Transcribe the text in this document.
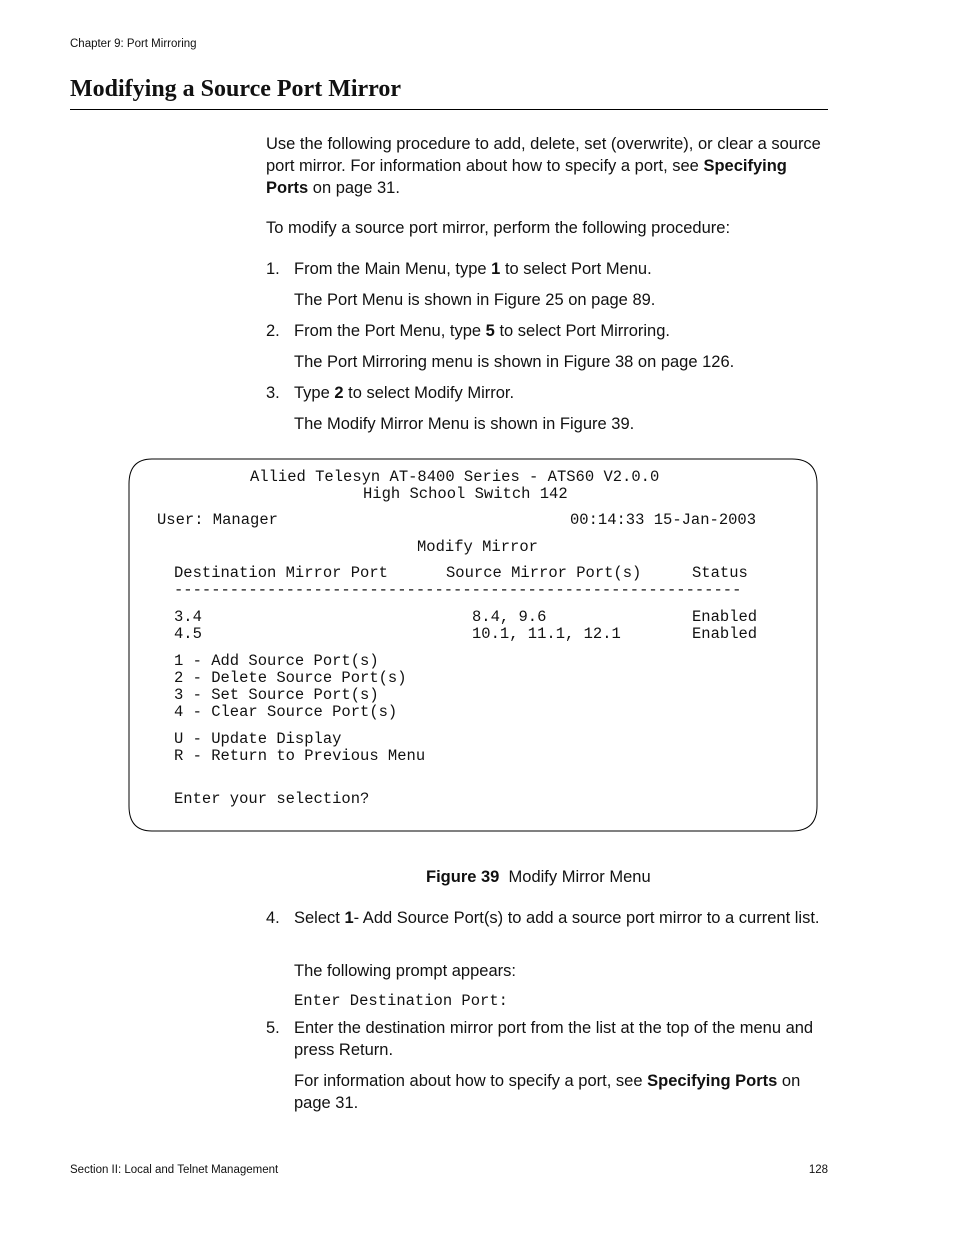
Chapter 9: Port Mirroring
Modifying a Source Port Mirror
Use the following procedure to add, delete, set (overwrite), or clear a source port mirror. For information about how to specify a port, see Specifying Ports on page 31.
To modify a source port mirror, perform the following procedure:
1. From the Main Menu, type 1 to select Port Menu.
The Port Menu is shown in Figure 25 on page 89.
2. From the Port Menu, type 5 to select Port Mirroring.
The Port Mirroring menu is shown in Figure 38 on page 126.
3. Type 2 to select Modify Mirror.
The Modify Mirror Menu is shown in Figure 39.
Allied Telesyn AT-8400 Series - ATS60 V2.0.0
High School Switch 142
User: Manager	00:14:33 15-Jan-2003
Modify Mirror
Destination Mirror Port	Source Mirror Port(s)	Status
-------------------------------------------------------------
3.4	8.4, 9.6	Enabled
4.5	10.1, 11.1, 12.1	Enabled
1 - Add Source Port(s)
2 - Delete Source Port(s)
3 - Set Source Port(s)
4 - Clear Source Port(s)
U - Update Display
R - Return to Previous Menu
Enter your selection?
Figure 39 Modify Mirror Menu
4. Select 1- Add Source Port(s) to add a source port mirror to a current list.
The following prompt appears:
Enter Destination Port:
5. Enter the destination mirror port from the list at the top of the menu and press Return.
For information about how to specify a port, see Specifying Ports on page 31.
Section II: Local and Telnet Management	128
